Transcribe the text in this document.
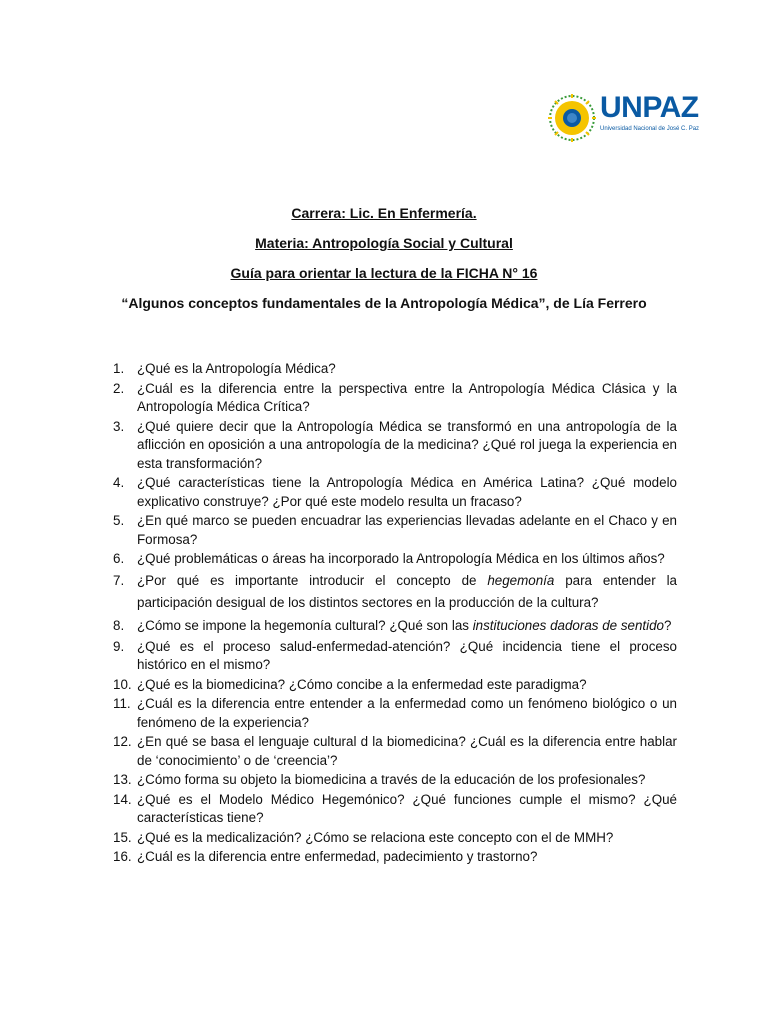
UNPAZ
Universidad Nacional de José C. Paz

Carrera: Lic. En Enfermería.

Materia: Antropología Social y Cultural

Guía para orientar la lectura de la FICHA N° 16

“Algunos conceptos fundamentales de la Antropología Médica”, de Lía Ferrero

1. ¿Qué es la Antropología Médica?
2. ¿Cuál es la diferencia entre la perspectiva entre la Antropología Médica Clásica y la Antropología Médica Crítica?
3. ¿Qué quiere decir que la Antropología Médica se transformó en una antropología de la aflicción en oposición a una antropología de la medicina? ¿Qué rol juega la experiencia en esta transformación?
4. ¿Qué características tiene la Antropología Médica en América Latina? ¿Qué modelo explicativo construye? ¿Por qué este modelo resulta un fracaso?
5. ¿En qué marco se pueden encuadrar las experiencias llevadas adelante en el Chaco y en Formosa?
6. ¿Qué problemáticas o áreas ha incorporado la Antropología Médica en los últimos años?
7. ¿Por qué es importante introducir el concepto de hegemonía para entender la participación desigual de los distintos sectores en la producción de la cultura?
8. ¿Cómo se impone la hegemonía cultural? ¿Qué son las instituciones dadoras de sentido?
9. ¿Qué es el proceso salud-enfermedad-atención? ¿Qué incidencia tiene el proceso histórico en el mismo?
10. ¿Qué es la biomedicina? ¿Cómo concibe a la enfermedad este paradigma?
11. ¿Cuál es la diferencia entre entender a la enfermedad como un fenómeno biológico o un fenómeno de la experiencia?
12. ¿En qué se basa el lenguaje cultural d la biomedicina? ¿Cuál es la diferencia entre hablar de ‘conocimiento’ o de ‘creencia’?
13. ¿Cómo forma su objeto la biomedicina a través de la educación de los profesionales?
14. ¿Qué es el Modelo Médico Hegemónico? ¿Qué funciones cumple el mismo? ¿Qué características tiene?
15. ¿Qué es la medicalización? ¿Cómo se relaciona este concepto con el de MMH?
16. ¿Cuál es la diferencia entre enfermedad, padecimiento y trastorno?
